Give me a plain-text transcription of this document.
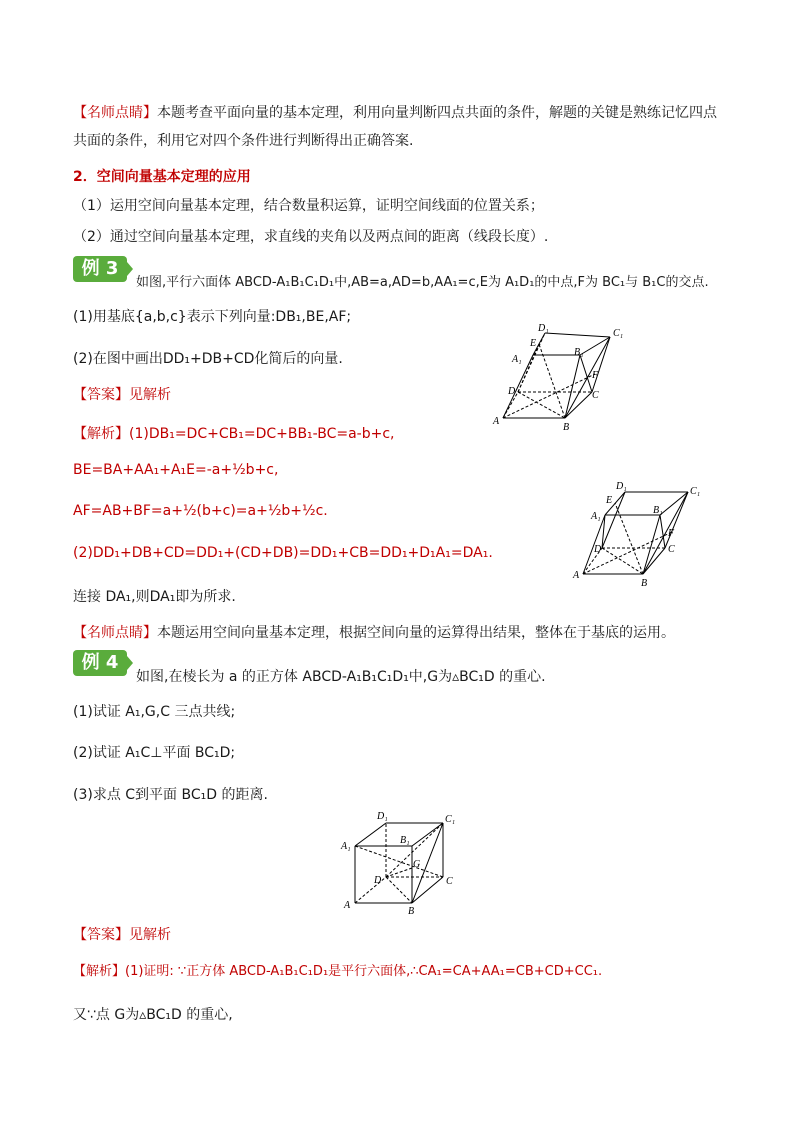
【名师点睛】本题考查平面向量的基本定理，利用向量判断四点共面的条件，解题的关键是熟练记忆四点
共面的条件，利用它对四个条件进行判断得出正确答案.
2．空间向量基本定理的应用
（1）运用空间向量基本定理，结合数量积运算，证明空间线面的位置关系；
（2）通过空间向量基本定理，求直线的夹角以及两点间的距离（线段长度）.
例 3
如图,平行六面体 ABCD-A₁B₁C₁D₁中,AB=a,AD=b,AA₁=c,E为 A₁D₁的中点,F为 BC₁与 B₁C的交点.
(1)用基底{a,b,c}表示下列向量:DB₁,BE,AF;
(2)在图中画出DD₁+DB+CD化简后的向量.
D₁	C₁
E
A₁
B₁
F
D	C
A
B
【答案】见解析
【解析】(1)DB₁=DC+CB₁=DC+BB₁-BC=a-b+c,
BE=BA+AA₁+A₁E=-a+½b+c,
AF=AB+BF=a+½(b+c)=a+½b+½c.
(2)DD₁+DB+CD=DD₁+(CD+DB)=DD₁+CB=DD₁+D₁A₁=DA₁.
连接 DA₁,则DA₁即为所求.
D₁	C₁
E
A₁
B₁
F
D	C
A
B
【名师点睛】本题运用空间向量基本定理，根据空间向量的运算得出结果，整体在于基底的运用。
例 4
如图,在棱长为 a 的正方体 ABCD-A₁B₁C₁D₁中,G为▵BC₁D 的重心.
(1)试证 A₁,G,C 三点共线;
(2)试证 A₁C⊥平面 BC₁D;
(3)求点 C到平面 BC₁D 的距离.
D₁	C₁
A₁
B₁
G
D	C
A
B
【答案】见解析
【解析】(1)证明: ∵正方体 ABCD-A₁B₁C₁D₁是平行六面体,∴CA₁=CA+AA₁=CB+CD+CC₁.
又∵点 G为▵BC₁D 的重心,
